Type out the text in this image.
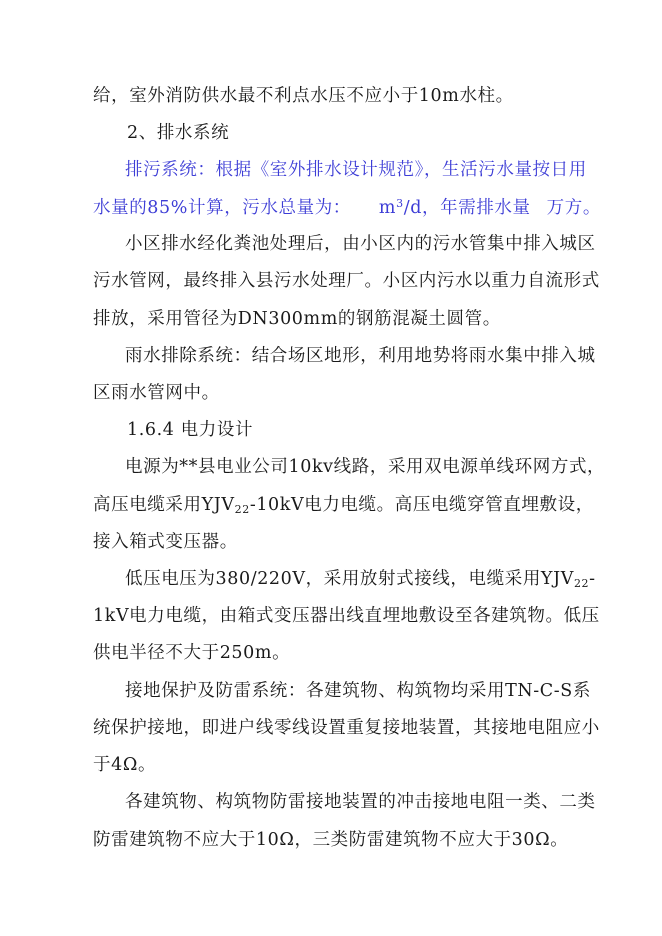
给，室外消防供水最不利点水压不应小于10m水柱。
2、排水系统
排污系统：根据《室外排水设计规范》，生活污水量按日用
水量的85%计算，污水总量为： $m^3/d$，年需排水量 万方。
小区排水经化粪池处理后，由小区内的污水管集中排入城区
污水管网，最终排入县污水处理厂。小区内污水以重力自流形式
排放，采用管径为DN300mm的钢筋混凝土圆管。
雨水排除系统：结合场区地形，利用地势将雨水集中排入城
区雨水管网中。
1.6.4 电力设计
电源为**县电业公司10kv线路，采用双电源单线环网方式，
高压电缆采用$YJV_{22}-10kV$电力电缆。高压电缆穿管直埋敷设，
接入箱式变压器。
低压电压为380/220V，采用放射式接线，电缆采用$YJV_{22}-$
1kV电力电缆，由箱式变压器出线直埋地敷设至各建筑物。低压
供电半径不大于250m。
接地保护及防雷系统：各建筑物、构筑物均采用TN-C-S系
统保护接地，即进户线零线设置重复接地装置，其接地电阻应小
于4Ω。
各建筑物、构筑物防雷接地装置的冲击接地电阻一类、二类
防雷建筑物不应大于10Ω，三类防雷建筑物不应大于30Ω。
